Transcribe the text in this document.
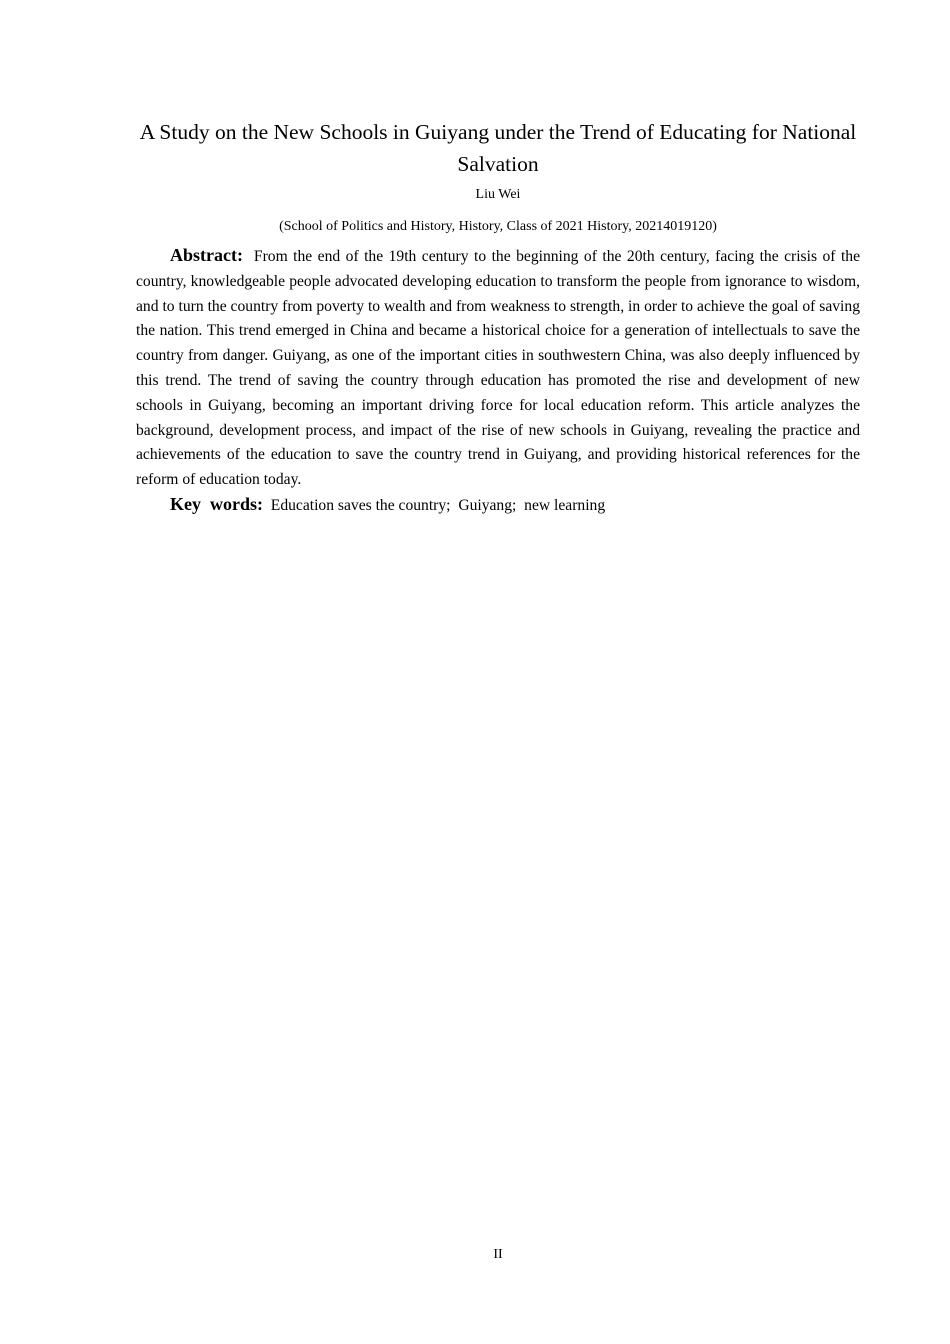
A Study on the New Schools in Guiyang under the Trend of Educating for National Salvation
Liu Wei
(School of Politics and History, History, Class of 2021 History, 20214019120)

Abstract: From the end of the 19th century to the beginning of the 20th century, facing the crisis of the country, knowledgeable people advocated developing education to transform the people from ignorance to wisdom, and to turn the country from poverty to wealth and from weakness to strength, in order to achieve the goal of saving the nation. This trend emerged in China and became a historical choice for a generation of intellectuals to save the country from danger. Guiyang, as one of the important cities in southwestern China, was also deeply influenced by this trend. The trend of saving the country through education has promoted the rise and development of new schools in Guiyang, becoming an important driving force for local education reform. This article analyzes the background, development process, and impact of the rise of new schools in Guiyang, revealing the practice and achievements of the education to save the country trend in Guiyang, and providing historical references for the reform of education today.

Key  words: Education saves the country; Guiyang; new learning

II
